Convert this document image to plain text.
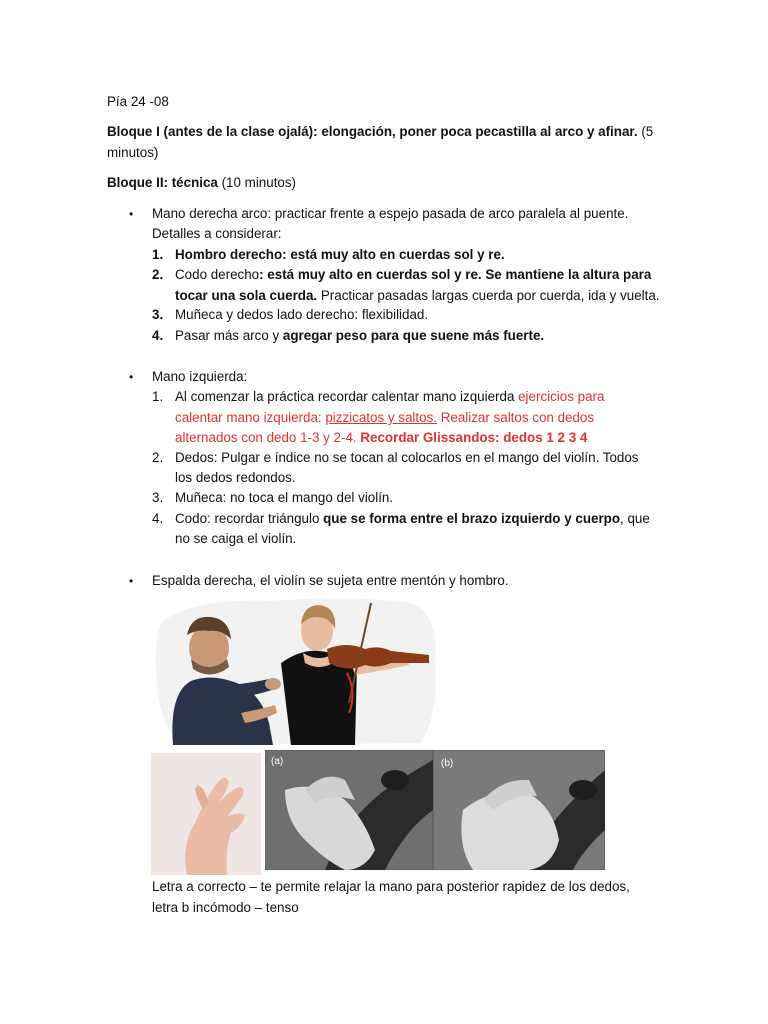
Pía 24 -08
Bloque I (antes de la clase ojalá): elongación, poner poca pecastilla al arco y afinar. (5
minutos)
Bloque II: técnica (10 minutos)
• Mano derecha arco: practicar frente a espejo pasada de arco paralela al puente.
Detalles a considerar:
1. Hombro derecho: está muy alto en cuerdas sol y re.
2. Codo derecho: está muy alto en cuerdas sol y re. Se mantiene la altura para
tocar una sola cuerda. Practicar pasadas largas cuerda por cuerda, ida y vuelta.
3. Muñeca y dedos lado derecho: flexibilidad.
4. Pasar más arco y agregar peso para que suene más fuerte.
• Mano izquierda:
1. Al comenzar la práctica recordar calentar mano izquierda ejercicios para
calentar mano izquierda: pizzicatos y saltos. Realizar saltos con dedos
alternados con dedo 1-3 y 2-4. Recordar Glissandos: dedos 1 2 3 4
2. Dedos: Pulgar e índice no se tocan al colocarlos en el mango del violín. Todos
los dedos redondos.
3. Muñeca: no toca el mango del violín.
4. Codo: recordar triángulo que se forma entre el brazo izquierdo y cuerpo, que
no se caiga el violín.
• Espalda derecha, el violín se sujeta entre mentón y hombro.
(a)	(b)
Letra a correcto – te permite relajar la mano para posterior rapidez de los dedos,
letra b incómodo – tenso
